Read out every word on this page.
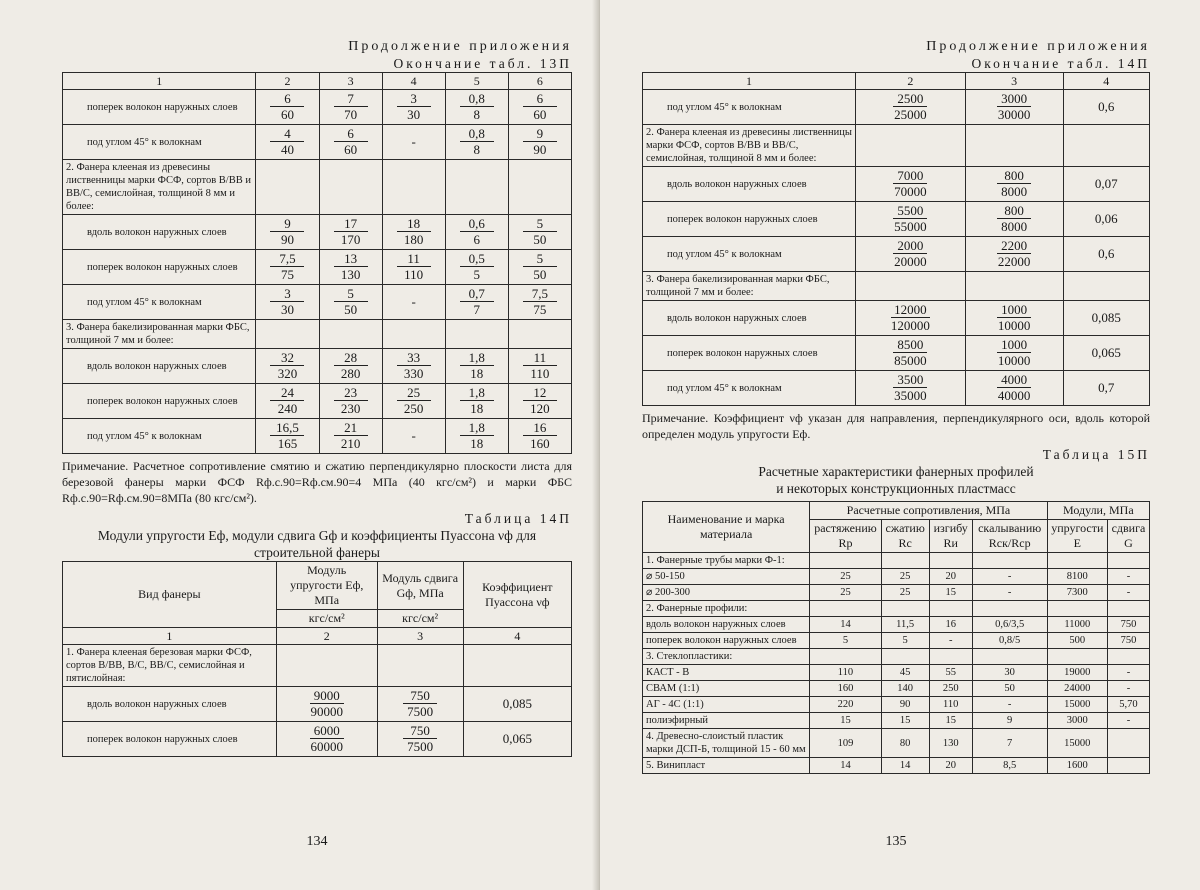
Продолжение приложения
Окончание табл. 13П
1	2	3	4	5	6
поперек волокон наружных слоев	$\frac{6}{60}$	$\frac{7}{70}$	$\frac{3}{30}$	$\frac{0,8}{8}$	$\frac{6}{60}$

под углом 45° к волокнам	$\frac{4}{40}$	$\frac{6}{60}$	-	$\frac{0,8}{8}$	$\frac{9}{90}$

2. Фанера клееная из древесины лиственницы марки ФСФ, сортов В/ВВ и ВВ/С, семислойная, толщиной 8 мм и более:					
вдоль волокон наружных слоев	$\frac{9}{90}$	$\frac{17}{170}$	$\frac{18}{180}$	$\frac{0,6}{6}$	$\frac{5}{50}$

поперек волокон наружных слоев	$\frac{7,5}{75}$	$\frac{13}{130}$	$\frac{11}{110}$	$\frac{0,5}{5}$	$\frac{5}{50}$

под углом 45° к волокнам	$\frac{3}{30}$	$\frac{5}{50}$	-	$\frac{0,7}{7}$	$\frac{7,5}{75}$

3. Фанера бакелизированная марки ФБС, толщиной 7 мм и более:					
вдоль волокон наружных слоев	$\frac{32}{320}$	$\frac{28}{280}$	$\frac{33}{330}$	$\frac{1,8}{18}$	$\frac{11}{110}$

поперек волокон наружных слоев	$\frac{24}{240}$	$\frac{23}{230}$	$\frac{25}{250}$	$\frac{1,8}{18}$	$\frac{12}{120}$

под углом 45° к волокнам	$\frac{16,5}{165}$	$\frac{21}{210}$	-	$\frac{1,8}{18}$	$\frac{16}{160}$
Примечание. Расчетное сопротивление смятию и сжатию перпендикулярно плоскости листа для березовой фанеры марки ФСФ Rф.с.90=Rф.см.90=4 МПа (40 кгс/см²) и марки ФБС Rф.с.90=Rф.см.90=8МПа (80 кгс/см²).
Таблица 14П
Модули упругости Eф, модули сдвига Gф и коэффициенты Пуассона νф для строительной фанеры
Вид фанеры	Модуль упругости Eф, МПа	Модуль сдвига Gф, МПа	Коэффициент Пуассона νф
	кгс/см²	кгс/см²	
1	2	3	4
1. Фанера клееная березовая марки ФСФ, сортов В/ВВ, В/С, ВВ/С, семислойная и пятислойная:			
вдоль волокон наружных слоев	$\frac{9000}{90000}$	$\frac{750}{7500}$	0,085
поперек волокон наружных слоев	$\frac{6000}{60000}$	$\frac{750}{7500}$	0,065
134
Продолжение приложения
Окончание табл. 14П
1	2	3	4
под углом 45° к волокнам	$\frac{2500}{25000}$	$\frac{3000}{30000}$	0,6
2. Фанера клееная из древесины лиственницы марки ФСФ, сортов В/ВВ и ВВ/С, семислойная, толщиной 8 мм и более:			
вдоль волокон наружных слоев	$\frac{7000}{70000}$	$\frac{800}{8000}$	0,07
поперек волокон наружных слоев	$\frac{5500}{55000}$	$\frac{800}{8000}$	0,06
под углом 45° к волокнам	$\frac{2000}{20000}$	$\frac{2200}{22000}$	0,6
3. Фанера бакелизированная марки ФБС, толщиной 7 мм и более:			
вдоль волокон наружных слоев	$\frac{12000}{120000}$	$\frac{1000}{10000}$	0,085
поперек волокон наружных слоев	$\frac{8500}{85000}$	$\frac{1000}{10000}$	0,065
под углом 45° к волокнам	$\frac{3500}{35000}$	$\frac{4000}{40000}$	0,7
Примечание. Коэффициент νф указан для направления, перпендикулярного оси, вдоль которой определен модуль упругости Eф.
Таблица 15П
Расчетные характеристики фанерных профилей
и некоторых конструкционных пластмасс
Наименование и марка материала	Расчетные сопротивления, МПа				Модули, МПа	
	растяжению Rр	сжатию Rс	изгибу Rи	скалыванию Rск/Rср	упругости E	сдвига G
1. Фанерные трубы марки Ф-1:						
⌀ 50-150	25	25	20	-	8100	-
⌀ 200-300	25	25	15	-	7300	-
2. Фанерные профили:						
вдоль волокон наружных слоев	14	11,5	16	0,6/3,5	11000	750
поперек волокон наружных слоев	5	5	-	0,8/5	500	750
3. Стеклопластики:						
КАСТ - В	110	45	55	30	19000	-
СВАМ (1:1)	160	140	250	50	24000	-
АГ - 4С (1:1)	220	90	110	-	15000	5,70
полиэфирный	15	15	15	9	3000	-
4. Древесно-слоистый пластик марки ДСП-Б, толщиной 15 - 60 мм	109	80	130	7	15000	
5. Винипласт	14	14	20	8,5	1600	
135
